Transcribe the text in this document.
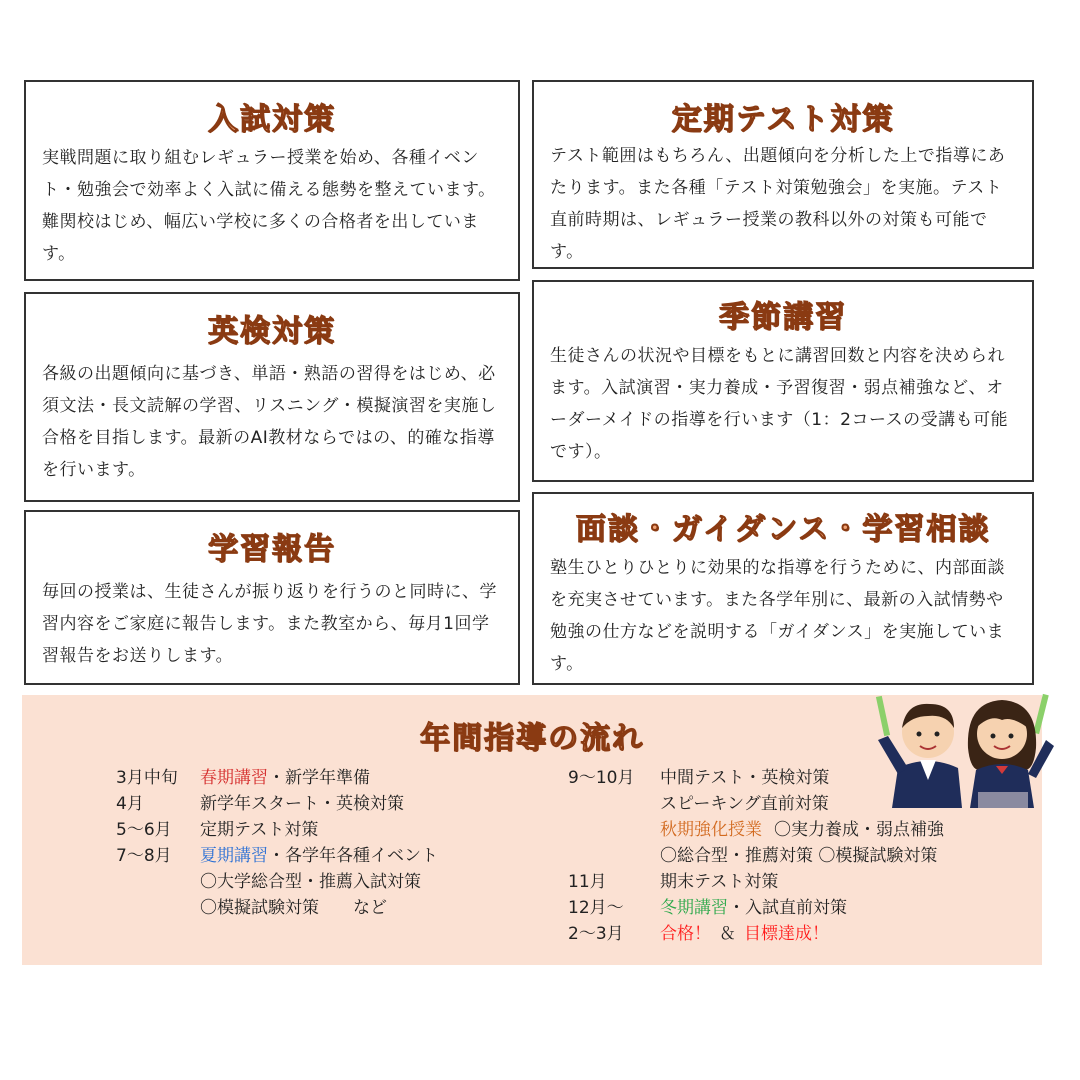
入試対策

実戦問題に取り組むレギュラー授業を始め、各種イベント・勉強会で効率よく入試に備える態勢を整えています。難関校はじめ、幅広い学校に多くの合格者を出しています。

英検対策

各級の出題傾向に基づき、単語・熟語の習得をはじめ、必須文法・長文読解の学習、リスニング・模擬演習を実施し合格を目指します。最新のAI教材ならではの、的確な指導を行います。

学習報告

毎回の授業は、生徒さんが振り返りを行うのと同時に、学習内容をご家庭に報告します。また教室から、毎月1回学習報告をお送りします。

定期テスト対策

テスト範囲はもちろん、出題傾向を分析した上で指導にあたります。また各種「テスト対策勉強会」を実施。テスト直前時期は、レギュラー授業の教科以外の対策も可能です。

季節講習

生徒さんの状況や目標をもとに講習回数と内容を決められます。入試演習・実力養成・予習復習・弱点補強など、オーダーメイドの指導を行います（1：2コースの受講も可能です）。

面談・ガイダンス・学習相談

塾生ひとりひとりに効果的な指導を行うために、内部面談を充実させています。また各学年別に、最新の入試情勢や勉強の仕方などを説明する「ガイダンス」を実施しています。

年間指導の流れ
3月中旬 春期講習・新学年準備
4月	新学年スタート・英検対策
5～6月 定期テスト対策
7～8月 夏期講習・各学年各種イベント
〇大学総合型・推薦入試対策
〇模擬試験対策　　など
9～10月 中間テスト・英検対策
スピーキング直前対策
秋期強化授業 〇実力養成・弱点補強
〇総合型・推薦対策 〇模擬試験対策
11月	期末テスト対策
12月～ 冬期講習・入試直前対策
2～3月 合格！ ＆ 目標達成！
